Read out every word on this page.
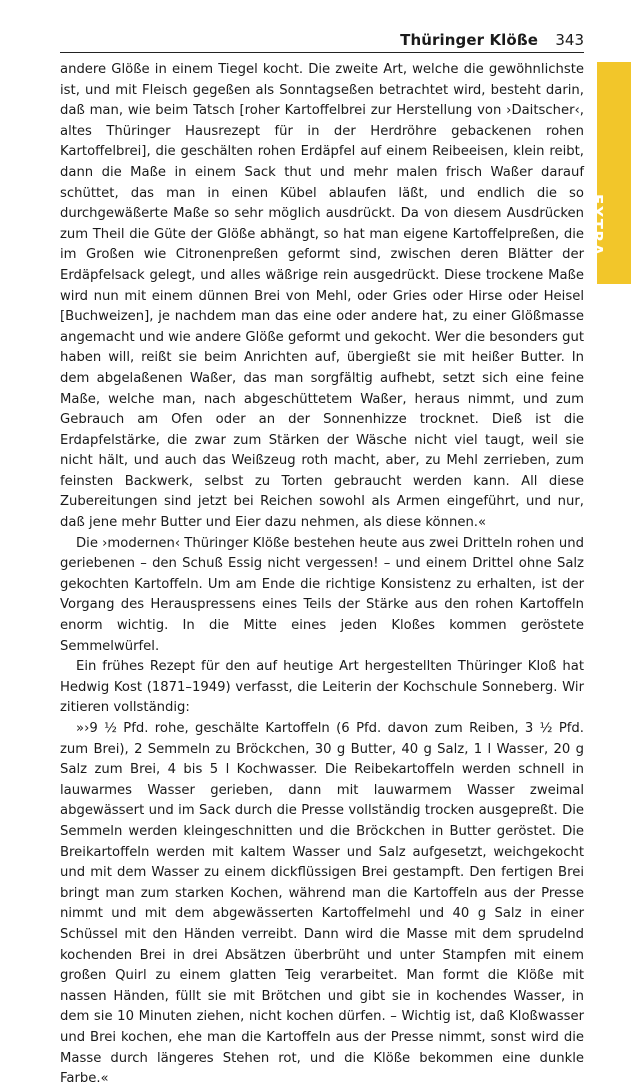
Thüringer Klöße 343
EXTRA

andere Glöße in einem Tiegel kocht. Die zweite Art, welche die gewöhnlichste ist, und mit Fleisch gegeßen als Sonntagseßen betrachtet wird, besteht darin, daß man, wie beim Tatsch [roher Kartoffelbrei zur Herstellung von ›Daitscher‹, altes Thüringer Hausrezept für in der Herdröhre gebackenen rohen Kartoffelbrei], die geschälten rohen Erdäpfel auf einem Reibeeisen, klein reibt, dann die Maße in einem Sack thut und mehr malen frisch Waßer darauf schüttet, das man in einen Kübel ablaufen läßt, und endlich die so durchgewäßerte Maße so sehr möglich ausdrückt. Da von diesem Ausdrücken zum Theil die Güte der Glöße abhängt, so hat man eigene Kartoffelpreßen, die im Großen wie Citronenpreßen geformt sind, zwischen deren Blätter der Erdäpfelsack gelegt, und alles wäßrige rein ausgedrückt. Diese trockene Maße wird nun mit einem dünnen Brei von Mehl, oder Gries oder Hirse oder Heisel [Buchweizen], je nachdem man das eine oder andere hat, zu einer Glößmasse angemacht und wie andere Glöße geformt und gekocht. Wer die besonders gut haben will, reißt sie beim Anrichten auf, übergießt sie mit heißer Butter. In dem abgelaßenen Waßer, das man sorgfältig aufhebt, setzt sich eine feine Maße, welche man, nach abgeschüttetem Waßer, heraus nimmt, und zum Gebrauch am Ofen oder an der Sonnenhizze trocknet. Dieß ist die Erdapfelstärke, die zwar zum Stärken der Wäsche nicht viel taugt, weil sie nicht hält, und auch das Weißzeug roth macht, aber, zu Mehl zerrieben, zum feinsten Backwerk, selbst zu Torten gebraucht werden kann. All diese Zubereitungen sind jetzt bei Reichen sowohl als Armen eingeführt, und nur, daß jene mehr Butter und Eier dazu nehmen, als diese können.«

Die ›modernen‹ Thüringer Klöße bestehen heute aus zwei Dritteln rohen und geriebenen – den Schuß Essig nicht vergessen! – und einem Drittel ohne Salz gekochten Kartoffeln. Um am Ende die richtige Konsistenz zu erhalten, ist der Vorgang des Herauspressens eines Teils der Stärke aus den rohen Kartoffeln enorm wichtig. In die Mitte eines jeden Kloßes kommen geröstete Semmelwürfel.

Ein frühes Rezept für den auf heutige Art hergestellten Thüringer Kloß hat Hedwig Kost (1871–1949) verfasst, die Leiterin der Kochschule Sonneberg. Wir zitieren vollständig:

»›9 ½ Pfd. rohe, geschälte Kartoffeln (6 Pfd. davon zum Reiben, 3 ½ Pfd. zum Brei), 2 Semmeln zu Bröckchen, 30 g Butter, 40 g Salz, 1 l Wasser, 20 g Salz zum Brei, 4 bis 5 l Kochwasser. Die Reibekartoffeln werden schnell in lauwarmes Wasser gerieben, dann mit lauwarmem Wasser zweimal abgewässert und im Sack durch die Presse vollständig trocken ausgepreßt. Die Semmeln werden kleingeschnitten und die Bröckchen in Butter geröstet. Die Breikartoffeln werden mit kaltem Wasser und Salz aufgesetzt, weichgekocht und mit dem Wasser zu einem dickflüssigen Brei gestampft. Den fertigen Brei bringt man zum starken Kochen, während man die Kartoffeln aus der Presse nimmt und mit dem abgewässerten Kartoffelmehl und 40 g Salz in einer Schüssel mit den Händen verreibt. Dann wird die Masse mit dem sprudelnd kochenden Brei in drei Absätzen überbrüht und unter Stampfen mit einem großen Quirl zu einem glatten Teig verarbeitet. Man formt die Klöße mit nassen Händen, füllt sie mit Brötchen und gibt sie in kochendes Wasser, in dem sie 10 Minuten ziehen, nicht kochen dürfen. – Wichtig ist, daß Kloßwasser und Brei kochen, ehe man die Kartoffeln aus der Presse nimmt, sonst wird die Masse durch längeres Stehen rot, und die Klöße bekommen eine dunkle Farbe.«
